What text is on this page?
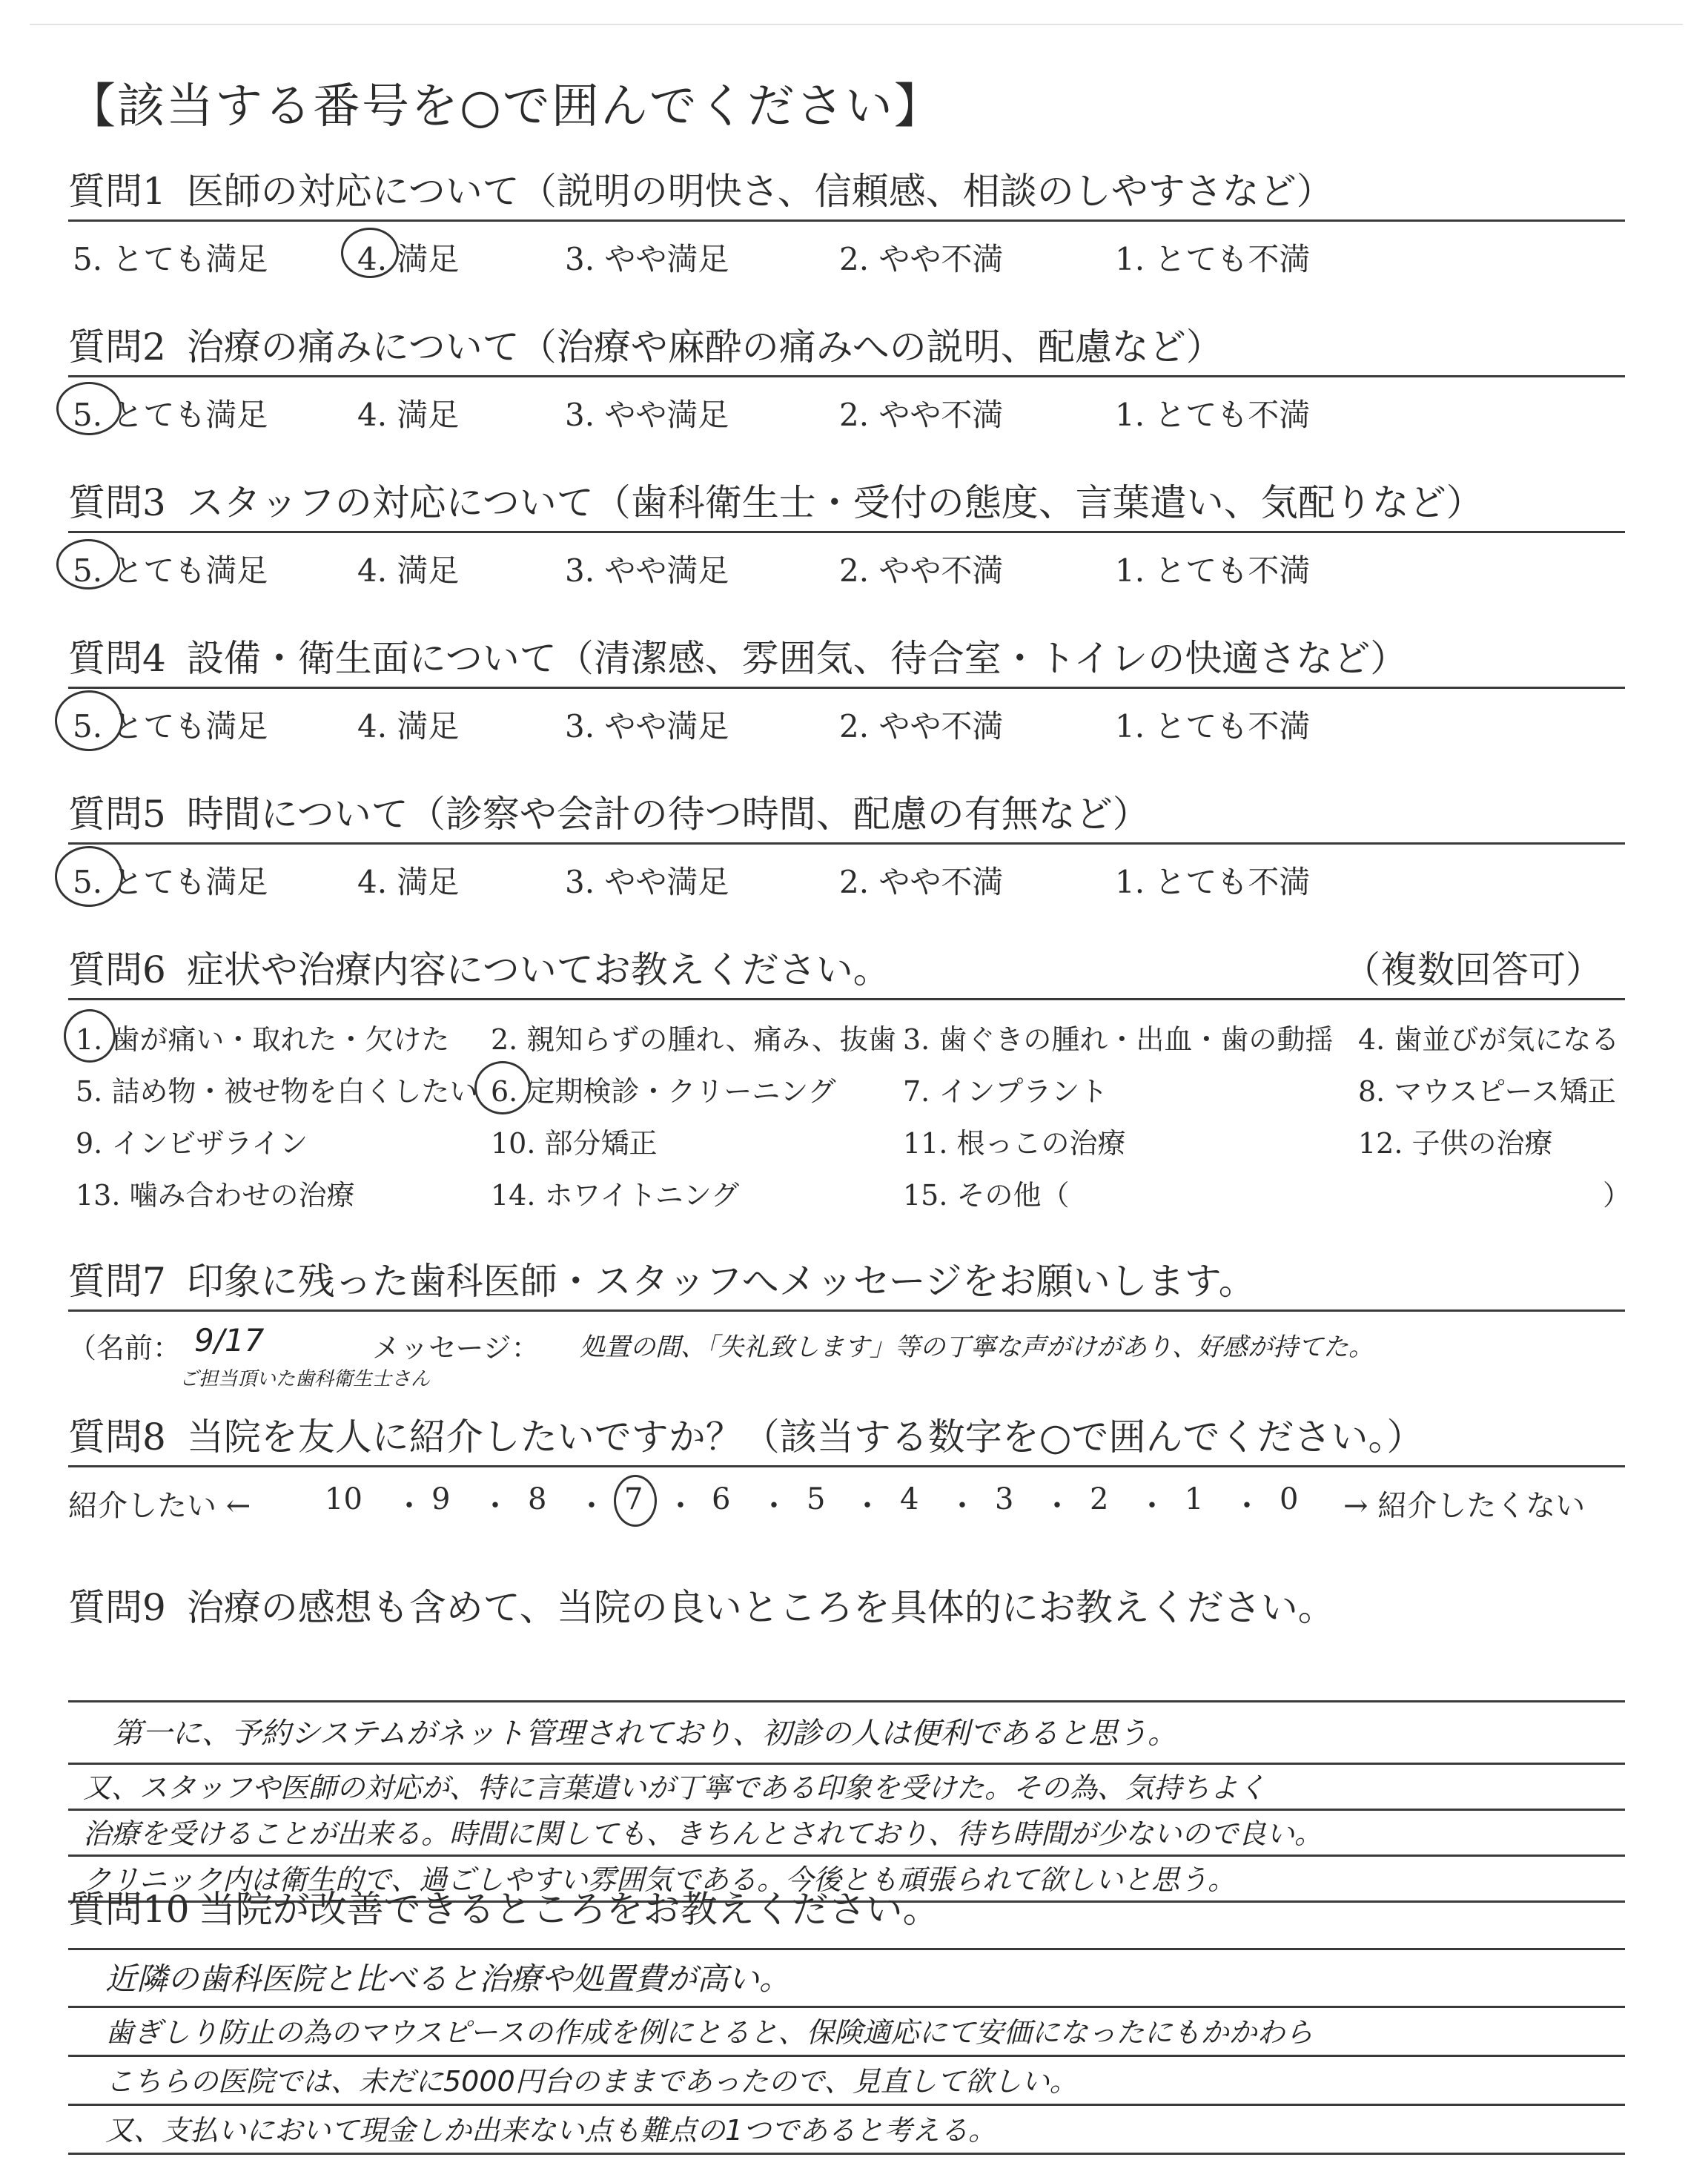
【該当する番号を○で囲んでください】
質問1 医師の対応について（説明の明快さ、信頼感、相談のしやすさなど）
5. とても満足	4. 満足	3. やや満足	2. やや不満	1. とても不満
質問2 治療の痛みについて（治療や麻酔の痛みへの説明、配慮など）
5. とても満足	4. 満足	3. やや満足	2. やや不満	1. とても不満
質問3 スタッフの対応について（歯科衛生士・受付の態度、言葉遣い、気配りなど）
5. とても満足	4. 満足	3. やや満足	2. やや不満	1. とても不満
質問4 設備・衛生面について（清潔感、雰囲気、待合室・トイレの快適さなど）
5. とても満足	4. 満足	3. やや満足	2. やや不満	1. とても不満
質問5 時間について（診察や会計の待つ時間、配慮の有無など）
5. とても満足	4. 満足	3. やや満足	2. やや不満	1. とても不満
質問6 症状や治療内容についてお教えください。	（複数回答可）
1. 歯が痛い・取れた・欠けた 2. 親知らずの腫れ、痛み、抜歯 3. 歯ぐきの腫れ・出血・歯の動揺 4. 歯並びが気になる
5. 詰め物・被せ物を白くしたい 6. 定期検診・クリーニング 7. インプラント	8. マウスピース矯正
9. インビザライン	10. 部分矯正	11. 根っこの治療	12. 子供の治療
13. 噛み合わせの治療	14. ホワイトニング	15. その他（	）
質問7 印象に残った歯科医師・スタッフへメッセージをお願いします。
（名前： 9/17	メッセージ： 処置の間、「失礼致します」等の丁寧な声がけがあり、好感が持てた。
ご担当頂いた歯科衛生士さん
質問8 当院を友人に紹介したいですか？（該当する数字を○で囲んでください。）
紹介したい ← 10 ・ 9 ・ 8 ・ 7 ・ 6 ・ 5 ・ 4 ・ 3 ・ 2 ・ 1 ・ 0 → 紹介したくない
質問9 治療の感想も含めて、当院の良いところを具体的にお教えください。
第一に、予約システムがネット管理されており、初診の人は便利であると思う。
又、スタッフや医師の対応が、特に言葉遣いが丁寧である印象を受けた。その為、気持ちよく
治療を受けることが出来る。時間に関しても、きちんとされており、待ち時間が少ないので良い。
クリニック内は衛生的で、過ごしやすい雰囲気である。今後とも頑張られて欲しいと思う。
質問10 当院が改善できるところをお教えください。
近隣の歯科医院と比べると治療や処置費が高い。
歯ぎしり防止の為のマウスピースの作成を例にとると、保険適応にて安価になったにもかかわら
こちらの医院では、未だに5000円台のままであったので、見直して欲しい。
又、支払いにおいて現金しか出来ない点も難点の1つであると考える。
